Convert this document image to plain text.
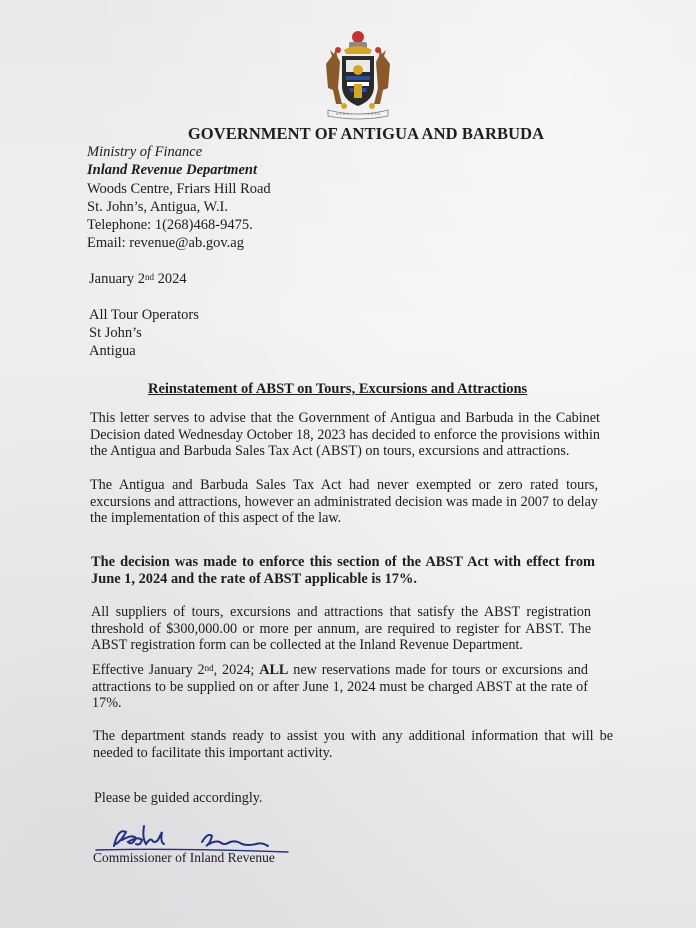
GOVERNMENT OF ANTIGUA AND BARBUDA
Ministry of Finance
Inland Revenue Department
Woods Centre, Friars Hill Road
St. John’s, Antigua, W.I.
Telephone: 1(268)468-9475.
Email: revenue@ab.gov.ag
January 2nd 2024
All Tour Operators
St John’s
Antigua
Reinstatement of ABST on Tours, Excursions and Attractions
This letter serves to advise that the Government of Antigua and Barbuda in the Cabinet Decision dated Wednesday October 18, 2023 has decided to enforce the provisions within the Antigua and Barbuda Sales Tax Act (ABST) on tours, excursions and attractions.
The Antigua and Barbuda Sales Tax Act had never exempted or zero rated tours, excursions and attractions, however an administrated decision was made in 2007 to delay the implementation of this aspect of the law.
The decision was made to enforce this section of the ABST Act with effect from June 1, 2024 and the rate of ABST applicable is 17%.
All suppliers of tours, excursions and attractions that satisfy the ABST registration threshold of $300,000.00 or more per annum, are required to register for ABST. The ABST registration form can be collected at the Inland Revenue Department.
Effective January 2nd, 2024; ALL new reservations made for tours or excursions and attractions to be supplied on or after June 1, 2024 must be charged ABST at the rate of 17%.
The department stands ready to assist you with any additional information that will be needed to facilitate this important activity.
Please be guided accordingly.
Commissioner of Inland Revenue
